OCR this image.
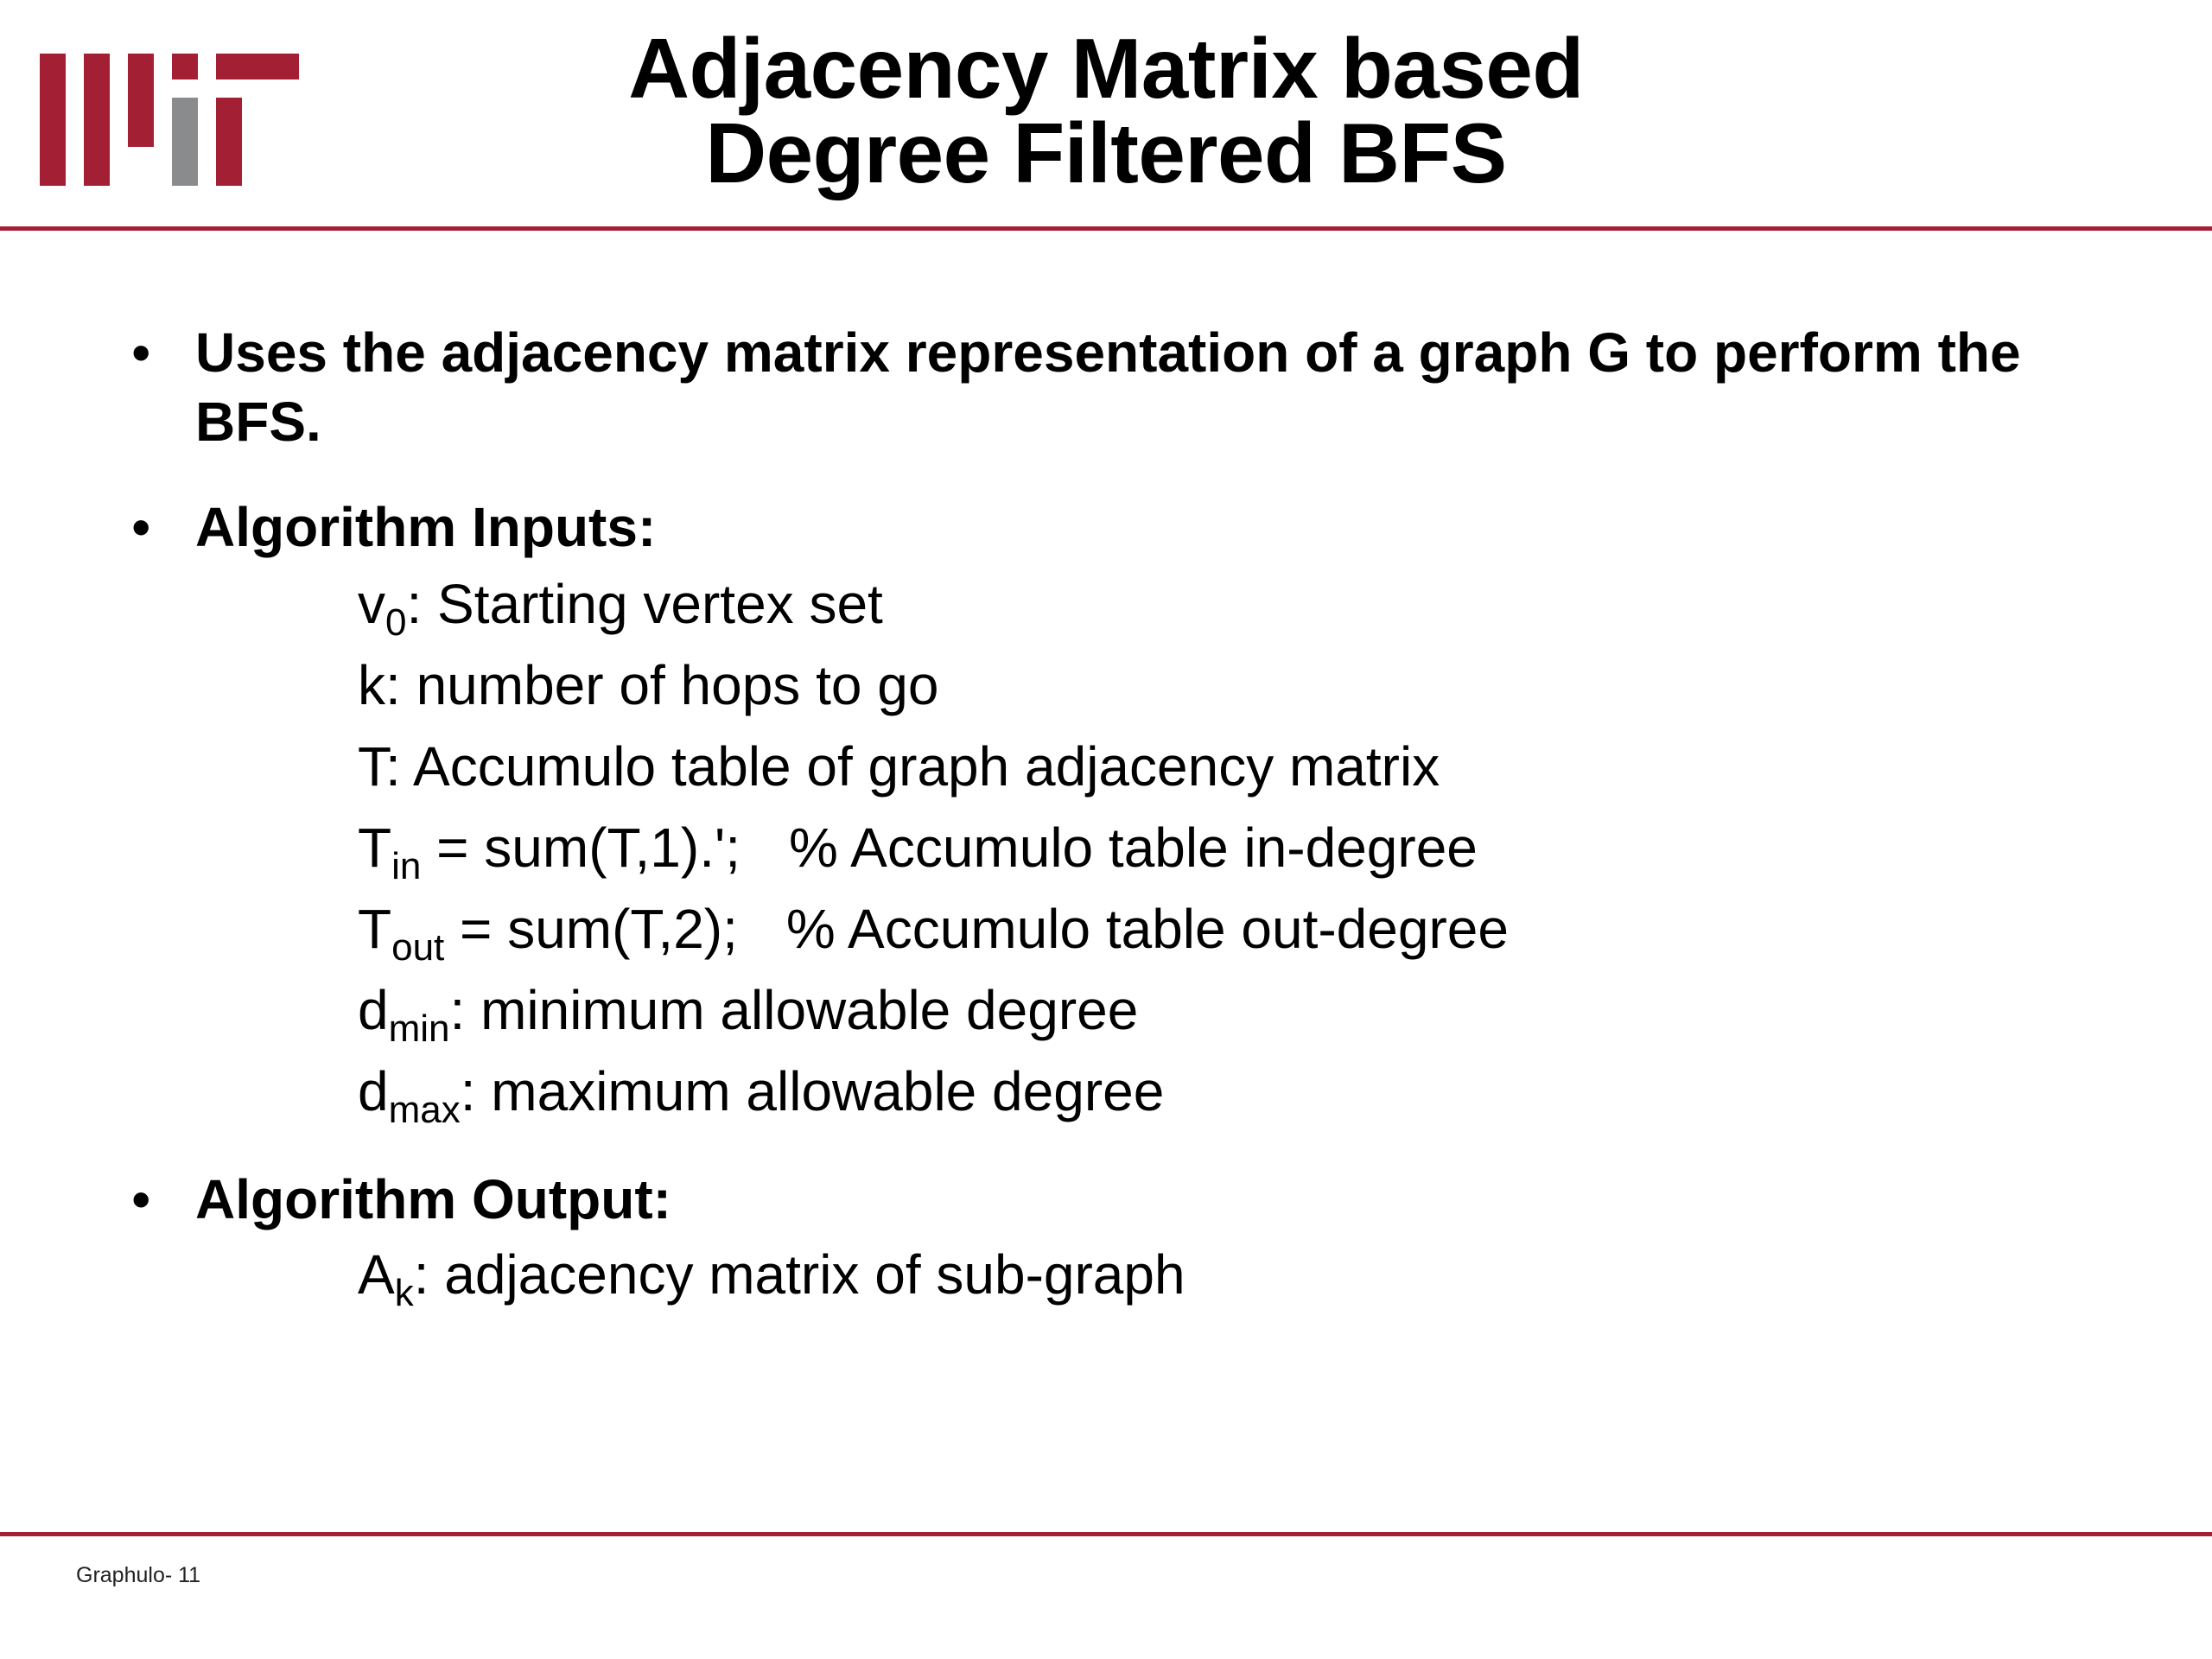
Adjacency Matrix based
Degree Filtered BFS
• Uses the adjacency matrix representation of a graph G to perform the BFS.
• Algorithm Inputs:
$v_0$: Starting vertex set
k: number of hops to go
T: Accumulo table of graph adjacency matrix
$T_{in} = sum(T,1).'$; % Accumulo table in-degree
$T_{out} = sum(T,2)$; % Accumulo table out-degree
$d_{min}$: minimum allowable degree
$d_{max}$: maximum allowable degree
• Algorithm Output:
$A_k$: adjacency matrix of sub-graph
Graphulo- 11
